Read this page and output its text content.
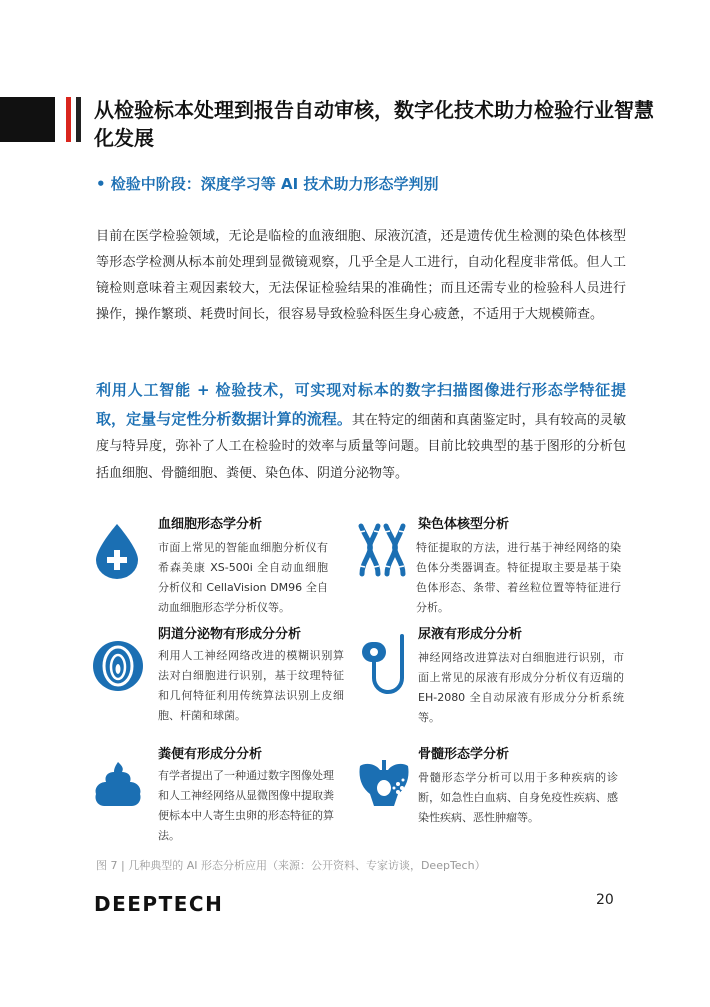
从检验标本处理到报告自动审核，数字化技术助力检验行业智慧化发展
• 检验中阶段：深度学习等 AI 技术助力形态学判别

目前在医学检验领域，无论是临检的血液细胞、尿液沉渣，还是遗传优生检测的染色体核型等形态学检测从标本前处理到显微镜观察，几乎全是人工进行，自动化程度非常低。但人工镜检则意味着主观因素较大，无法保证检验结果的准确性；而且还需专业的检验科人员进行操作，操作繁琐、耗费时间长，很容易导致检验科医生身心疲惫，不适用于大规模筛查。

利用人工智能 + 检验技术，可实现对标本的数字扫描图像进行形态学特征提取，定量与定性分析数据计算的流程。其在特定的细菌和真菌鉴定时，具有较高的灵敏度与特异度，弥补了人工在检验时的效率与质量等问题。目前比较典型的基于图形的分析包括血细胞、骨髓细胞、粪便、染色体、阴道分泌物等。

血细胞形态学分析
市面上常见的智能血细胞分析仪有希森美康 XS-500i 全自动血细胞分析仪和 CellaVision DM96 全自动血细胞形态学分析仪等。
染色体核型分析
特征提取的方法，进行基于神经网络的染色体分类器调查。特征提取主要是基于染色体形态、条带、着丝粒位置等特征进行分析。
阴道分泌物有形成分分析
利用人工神经网络改进的模糊识别算法对白细胞进行识别，基于纹理特征和几何特征利用传统算法识别上皮细胞、杆菌和球菌。
尿液有形成分分析
神经网络改进算法对白细胞进行识别，市面上常见的尿液有形成分分析仪有迈瑞的 EH-2080 全自动尿液有形成分分析系统等。
粪便有形成分分析
有学者提出了一种通过数字图像处理和人工神经网络从显微图像中提取粪便标本中人寄生虫卵的形态特征的算法。
骨髓形态学分析
骨髓形态学分析可以用于多种疾病的诊断，如急性白血病、自身免疫性疾病、感染性疾病、恶性肿瘤等。
图 7 | 几种典型的 AI 形态分析应用（来源：公开资料、专家访谈，DeepTech）
DEEPTECH	20
